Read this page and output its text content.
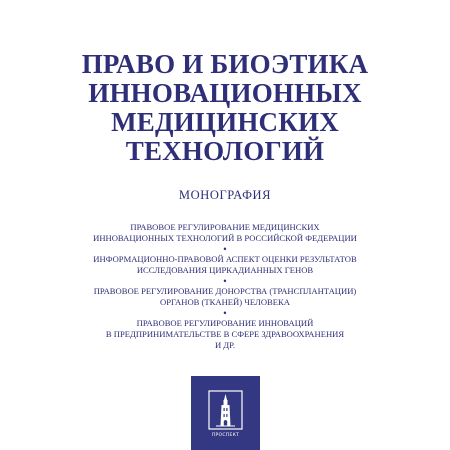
ПРАВО И БИОЭТИКА
ИННОВАЦИОННЫХ
МЕДИЦИНСКИХ
ТЕХНОЛОГИЙ
МОНОГРАФИЯ
ПРАВОВОЕ РЕГУЛИРОВАНИЕ МЕДИЦИНСКИХ
ИННОВАЦИОННЫХ ТЕХНОЛОГИЙ В РОССИЙСКОЙ ФЕДЕРАЦИИ
•
ИНФОРМАЦИОННО-ПРАВОВОЙ АСПЕКТ ОЦЕНКИ РЕЗУЛЬТАТОВ
ИССЛЕДОВАНИЯ ЦИРКАДИАННЫХ ГЕНОВ
•
ПРАВОВОЕ РЕГУЛИРОВАНИЕ ДОНОРСТВА (ТРАНСПЛАНТАЦИИ)
ОРГАНОВ (ТКАНЕЙ) ЧЕЛОВЕКА
•
ПРАВОВОЕ РЕГУЛИРОВАНИЕ ИННОВАЦИЙ
В ПРЕДПРИНИМАТЕЛЬСТВЕ В СФЕРЕ ЗДРАВООХРАНЕНИЯ
И ДР.
ПРОСПЕКТ
